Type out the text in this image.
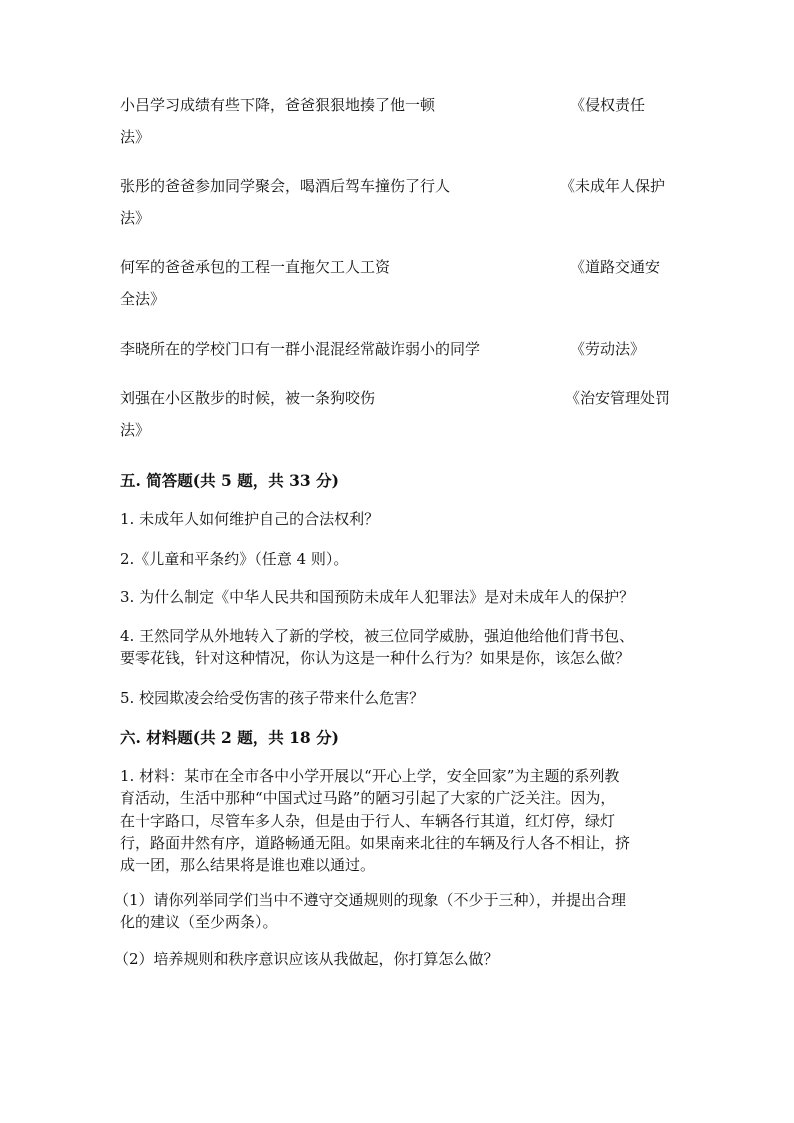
小吕学习成绩有些下降，爸爸狠狠地揍了他一顿	《侵权责任
法》
张彤的爸爸参加同学聚会，喝酒后驾车撞伤了行人	《未成年人保护
法》
何军的爸爸承包的工程一直拖欠工人工资	《道路交通安
全法》
李晓所在的学校门口有一群小混混经常敲诈弱小的同学	《劳动法》
刘强在小区散步的时候，被一条狗咬伤	《治安管理处罚
法》
五. 简答题(共 5 题，共 33 分)
1. 未成年人如何维护自己的合法权利？
2.《儿童和平条约》（任意 4 则）。
3. 为什么制定《中华人民共和国预防未成年人犯罪法》是对未成年人的保护？
4. 王然同学从外地转入了新的学校，被三位同学威胁，强迫他给他们背书包、
要零花钱，针对这种情况，你认为这是一种什么行为？如果是你，该怎么做？
5. 校园欺凌会给受伤害的孩子带来什么危害？
六. 材料题(共 2 题，共 18 分)
1. 材料：某市在全市各中小学开展以“开心上学，安全回家”为主题的系列教
育活动，生活中那种“中国式过马路”的陋习引起了大家的广泛关注。因为，
在十字路口，尽管车多人杂，但是由于行人、车辆各行其道，红灯停，绿灯
行，路面井然有序，道路畅通无阻。如果南来北往的车辆及行人各不相让，挤
成一团，那么结果将是谁也难以通过。
（1）请你列举同学们当中不遵守交通规则的现象（不少于三种），并提出合理
化的建议（至少两条）。
（2）培养规则和秩序意识应该从我做起，你打算怎么做？
